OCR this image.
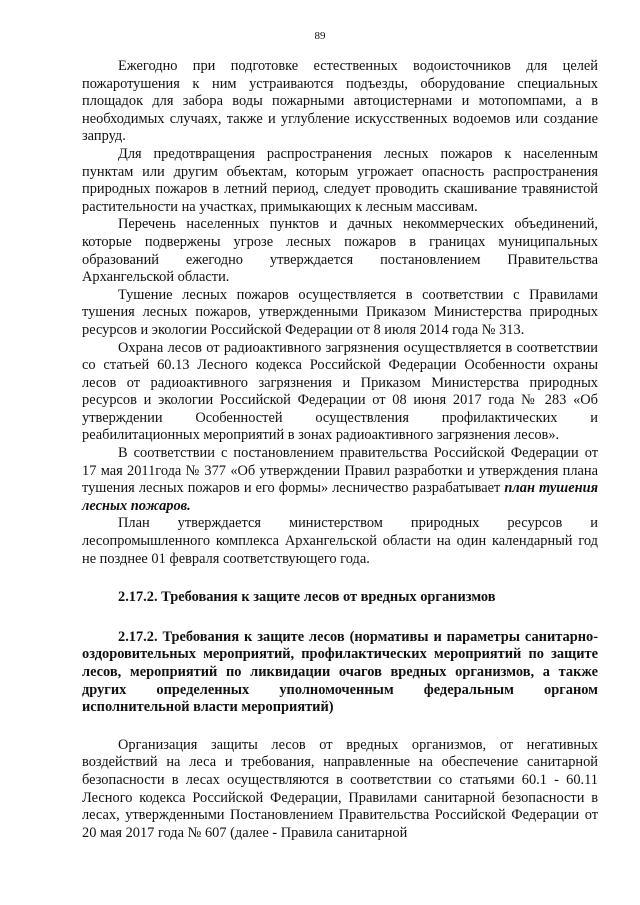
89

Ежегодно при подготовке естественных водоисточников для целей пожаротушения к ним устраиваются подъезды, оборудование специальных площадок для забора воды пожарными автоцистернами и мотопомпами, а в необходимых случаях, также и углубление искусственных водоемов или создание запруд.

Для предотвращения распространения лесных пожаров к населенным пунктам или другим объектам, которым угрожает опасность распространения природных пожаров в летний период, следует проводить скашивание травянистой растительности на участках, примыкающих к лесным массивам.

Перечень населенных пунктов и дачных некоммерческих объединений, которые подвержены угрозе лесных пожаров в границах муниципальных образований ежегодно утверждается постановлением Правительства Архангельской области.

Тушение лесных пожаров осуществляется в соответствии с Правилами тушения лесных пожаров, утвержденными Приказом Министерства природных ресурсов и экологии Российской Федерации от 8 июля 2014 года № 313.

Охрана лесов от радиоактивного загрязнения осуществляется в соответствии со статьей 60.13 Лесного кодекса Российской Федерации Особенности охраны лесов от радиоактивного загрязнения и Приказом Министерства природных ресурсов и экологии Российской Федерации от 08 июня 2017 года № 283 «Об утверждении Особенностей осуществления профилактических и реабилитационных мероприятий в зонах радиоактивного загрязнения лесов».

В соответствии с постановлением правительства Российской Федерации от 17 мая 2011года № 377 «Об утверждении Правил разработки и утверждения плана тушения лесных пожаров и его формы» лесничество разрабатывает план тушения лесных пожаров.

План утверждается министерством природных ресурсов и лесопромышленного комплекса Архангельской области на один календарный год не позднее 01 февраля соответствующего года.

2.17.2. Требования к защите лесов от вредных организмов

2.17.2. Требования к защите лесов (нормативы и параметры санитарно-оздоровительных мероприятий, профилактических мероприятий по защите лесов, мероприятий по ликвидации очагов вредных организмов, а также других определенных уполномоченным федеральным органом исполнительной власти мероприятий)

Организация защиты лесов от вредных организмов, от негативных воздействий на леса и требования, направленные на обеспечение санитарной безопасности в лесах осуществляются в соответствии со статьями 60.1 - 60.11 Лесного кодекса Российской Федерации, Правилами санитарной безопасности в лесах, утвержденными Постановлением Правительства Российской Федерации от 20 мая 2017 года № 607 (далее - Правила санитарной
